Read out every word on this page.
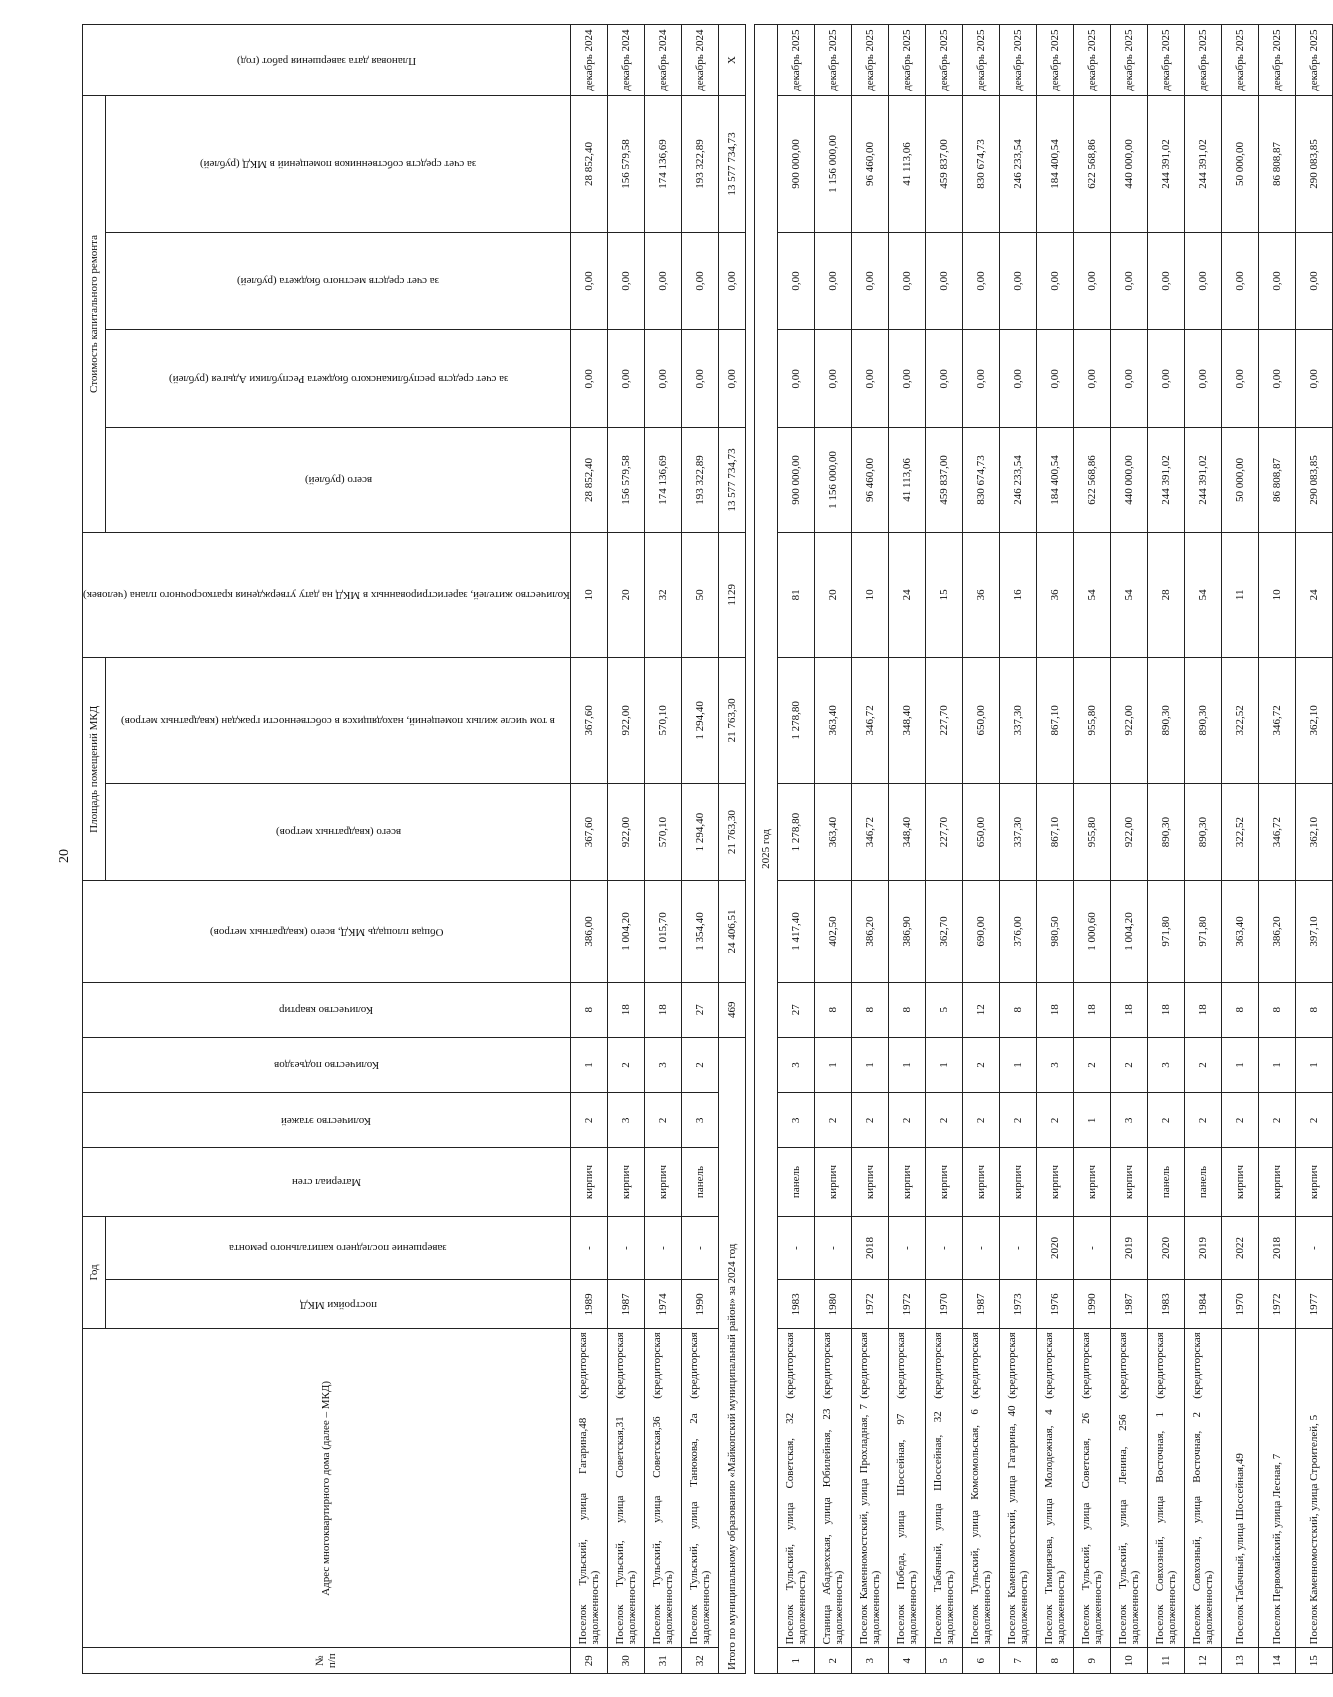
20
№ п/п	Адрес многоквартирного дома (далее – МКД)	Год		Материал стен	Количество этажей	Количество подъездов	Количество квартир	Общая площадь МКД, всего (квадратных метров)	Площадь помещений МКД		Количество жителей, зарегистрированных в МКД на дату утверждения краткосрочного плана (человек)	Стоимость капитального ремонта				Плановая дата завершения работ (год)

		постройки МКД	завершение последнего капитального ремонта						всего (квадратных метров)	в том числе жилых помещений, находящихся в собственности граждан (квадратных метров)		всего (рублей)	за счет средств республиканского бюджета Республики Адыгея (рублей)	за счет средств местного бюджета (рублей)	за счет средств собственников помещений в МКД (рублей)	

29	Поселок Тульский, улица Гагарина,48 (кредиторская задолженность)	1989	-	кирпич	2	1	8	386,00	367,60	367,60	10	28 852,40	0,00	0,00	28 852,40	декабрь 2024
30	Поселок Тульский, улица Советская,31 (кредиторская задолженность)	1987	-	кирпич	3	2	18	1 004,20	922,00	922,00	20	156 579,58	0,00	0,00	156 579,58	декабрь 2024
31	Поселок Тульский, улица Советская,36 (кредиторская задолженность)	1974	-	кирпич	2	3	18	1 015,70	570,10	570,10	32	174 136,69	0,00	0,00	174 136,69	декабрь 2024
32	Поселок Тульский, улица Танюкова, 2а (кредиторская задолженность)	1990	-	панель	3	2	27	1 354,40	1 294,40	1 294,40	50	193 322,89	0,00	0,00	193 322,89	декабрь 2024
Итого по муниципальному образованию «Майкопский муниципальный район» за 2024 год							469	24 406,51	21 763,30	21 763,30	1129	13 577 734,73	0,00	0,00	13 577 734,73	Х

2025 год																
1	Поселок Тульский, улица Советская, 32 (кредиторская задолженность)	1983	-	панель	3	3	27	1 417,40	1 278,80	1 278,80	81	900 000,00	0,00	0,00	900 000,00	декабрь 2025
2	Станица Абадзехская, улица Юбилейная, 23 (кредиторская задолженность)	1980	-	кирпич	2	1	8	402,50	363,40	363,40	20	1 156 000,00	0,00	0,00	1 156 000,00	декабрь 2025
3	Поселок Каменномостский, улица Прохладная, 7 (кредиторская задолженность)	1972	2018	кирпич	2	1	8	386,20	346,72	346,72	10	96 460,00	0,00	0,00	96 460,00	декабрь 2025
4	Поселок Победа, улица Шоссейная, 97 (кредиторская задолженность)	1972	-	кирпич	2	1	8	386,90	348,40	348,40	24	41 113,06	0,00	0,00	41 113,06	декабрь 2025
5	Поселок Табачный, улица Шоссейная, 32 (кредиторская задолженность)	1970	-	кирпич	2	1	5	362,70	227,70	227,70	15	459 837,00	0,00	0,00	459 837,00	декабрь 2025
6	Поселок Тульский, улица Комсомольская, 6 (кредиторская задолженность)	1987	-	кирпич	2	2	12	690,00	650,00	650,00	36	830 674,73	0,00	0,00	830 674,73	декабрь 2025
7	Поселок Каменномостский, улица Гагарина, 40 (кредиторская задолженность)	1973	-	кирпич	2	1	8	376,00	337,30	337,30	16	246 233,54	0,00	0,00	246 233,54	декабрь 2025
8	Поселок Тимирязева, улица Молодежная, 4 (кредиторская задолженность)	1976	2020	кирпич	2	3	18	980,50	867,10	867,10	36	184 400,54	0,00	0,00	184 400,54	декабрь 2025
9	Поселок Тульский, улица Советская, 26 (кредиторская задолженность)	1990	-	кирпич	1	2	18	1 000,60	955,80	955,80	54	622 568,86	0,00	0,00	622 568,86	декабрь 2025
10	Поселок Тульский, улица Ленина, 256 (кредиторская задолженность)	1987	2019	кирпич	3	2	18	1 004,20	922,00	922,00	54	440 000,00	0,00	0,00	440 000,00	декабрь 2025
11	Поселок Совхозный, улица Восточная, 1 (кредиторская задолженность)	1983	2020	панель	2	3	18	971,80	890,30	890,30	28	244 391,02	0,00	0,00	244 391,02	декабрь 2025
12	Поселок Совхозный, улица Восточная, 2 (кредиторская задолженность)	1984	2019	панель	2	2	18	971,80	890,30	890,30	54	244 391,02	0,00	0,00	244 391,02	декабрь 2025
13	Поселок Табачный, улица Шоссейная,49	1970	2022	кирпич	2	1	8	363,40	322,52	322,52	11	50 000,00	0,00	0,00	50 000,00	декабрь 2025
14	Поселок Первомайский, улица Лесная, 7	1972	2018	кирпич	2	1	8	386,20	346,72	346,72	10	86 808,87	0,00	0,00	86 808,87	декабрь 2025
15	Поселок Каменномостский, улица Строителей, 5	1977	-	кирпич	2	1	8	397,10	362,10	362,10	24	290 083,85	0,00	0,00	290 083,85	декабрь 2025
